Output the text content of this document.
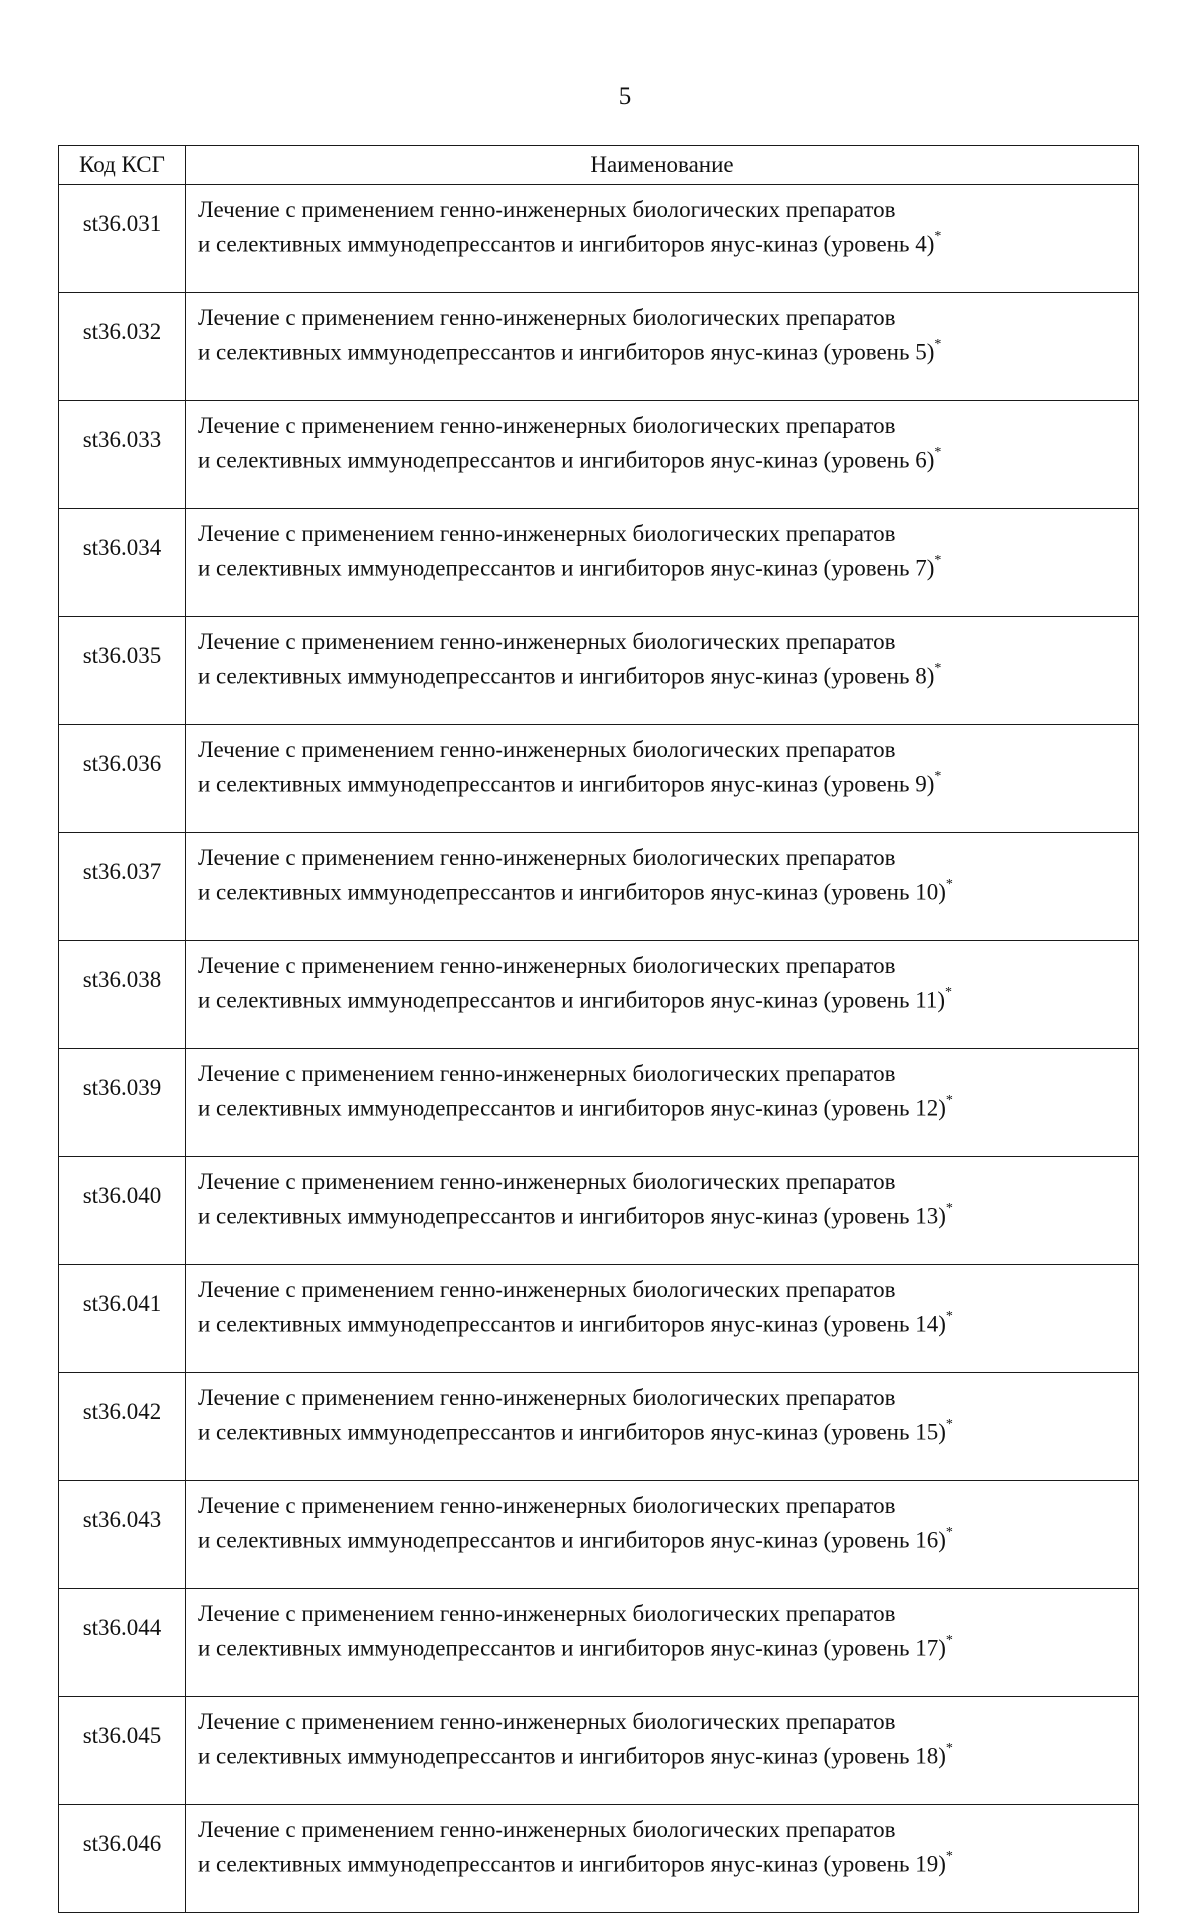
5
Код КСГ	Наименование
st36.031	Лечение с применением генно-инженерных биологических препаратов
и селективных иммунодепрессантов и ингибиторов янус-киназ (уровень 4)*

st36.032	Лечение с применением генно-инженерных биологических препаратов
и селективных иммунодепрессантов и ингибиторов янус-киназ (уровень 5)*

st36.033	Лечение с применением генно-инженерных биологических препаратов
и селективных иммунодепрессантов и ингибиторов янус-киназ (уровень 6)*

st36.034	Лечение с применением генно-инженерных биологических препаратов
и селективных иммунодепрессантов и ингибиторов янус-киназ (уровень 7)*

st36.035	Лечение с применением генно-инженерных биологических препаратов
и селективных иммунодепрессантов и ингибиторов янус-киназ (уровень 8)*

st36.036	Лечение с применением генно-инженерных биологических препаратов
и селективных иммунодепрессантов и ингибиторов янус-киназ (уровень 9)*

st36.037	Лечение с применением генно-инженерных биологических препаратов
и селективных иммунодепрессантов и ингибиторов янус-киназ (уровень 10)*

st36.038	Лечение с применением генно-инженерных биологических препаратов
и селективных иммунодепрессантов и ингибиторов янус-киназ (уровень 11)*

st36.039	Лечение с применением генно-инженерных биологических препаратов
и селективных иммунодепрессантов и ингибиторов янус-киназ (уровень 12)*

st36.040	Лечение с применением генно-инженерных биологических препаратов
и селективных иммунодепрессантов и ингибиторов янус-киназ (уровень 13)*

st36.041	Лечение с применением генно-инженерных биологических препаратов
и селективных иммунодепрессантов и ингибиторов янус-киназ (уровень 14)*

st36.042	Лечение с применением генно-инженерных биологических препаратов
и селективных иммунодепрессантов и ингибиторов янус-киназ (уровень 15)*

st36.043	Лечение с применением генно-инженерных биологических препаратов
и селективных иммунодепрессантов и ингибиторов янус-киназ (уровень 16)*

st36.044	Лечение с применением генно-инженерных биологических препаратов
и селективных иммунодепрессантов и ингибиторов янус-киназ (уровень 17)*

st36.045	Лечение с применением генно-инженерных биологических препаратов
и селективных иммунодепрессантов и ингибиторов янус-киназ (уровень 18)*

st36.046	Лечение с применением генно-инженерных биологических препаратов
и селективных иммунодепрессантов и ингибиторов янус-киназ (уровень 19)*
